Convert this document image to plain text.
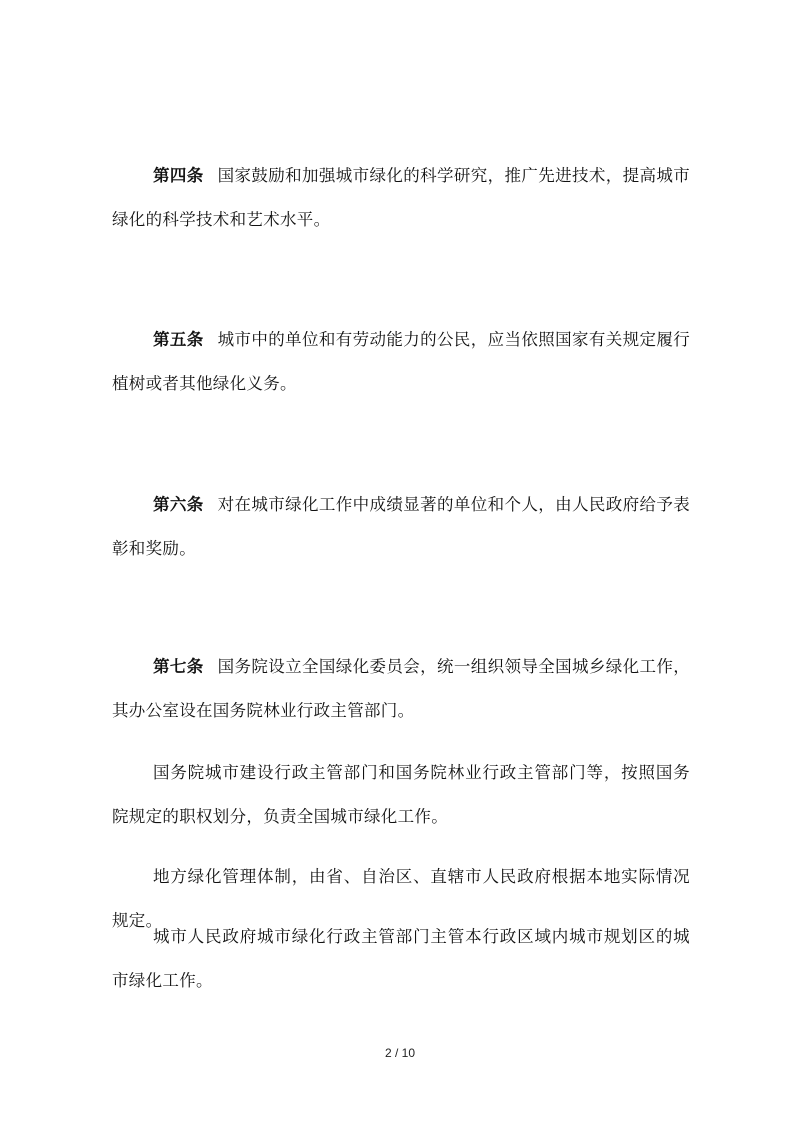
第四条 国家鼓励和加强城市绿化的科学研究，推广先进技术，提高城市绿化的科学技术和艺术水平。

第五条 城市中的单位和有劳动能力的公民，应当依照国家有关规定履行植树或者其他绿化义务。

第六条 对在城市绿化工作中成绩显著的单位和个人，由人民政府给予表彰和奖励。

第七条 国务院设立全国绿化委员会，统一组织领导全国城乡绿化工作，其办公室设在国务院林业行政主管部门。

国务院城市建设行政主管部门和国务院林业行政主管部门等，按照国务院规定的职权划分，负责全国城市绿化工作。

地方绿化管理体制，由省、自治区、直辖市人民政府根据本地实际情况规定。

城市人民政府城市绿化行政主管部门主管本行政区域内城市规划区的城市绿化工作。

2 / 10
